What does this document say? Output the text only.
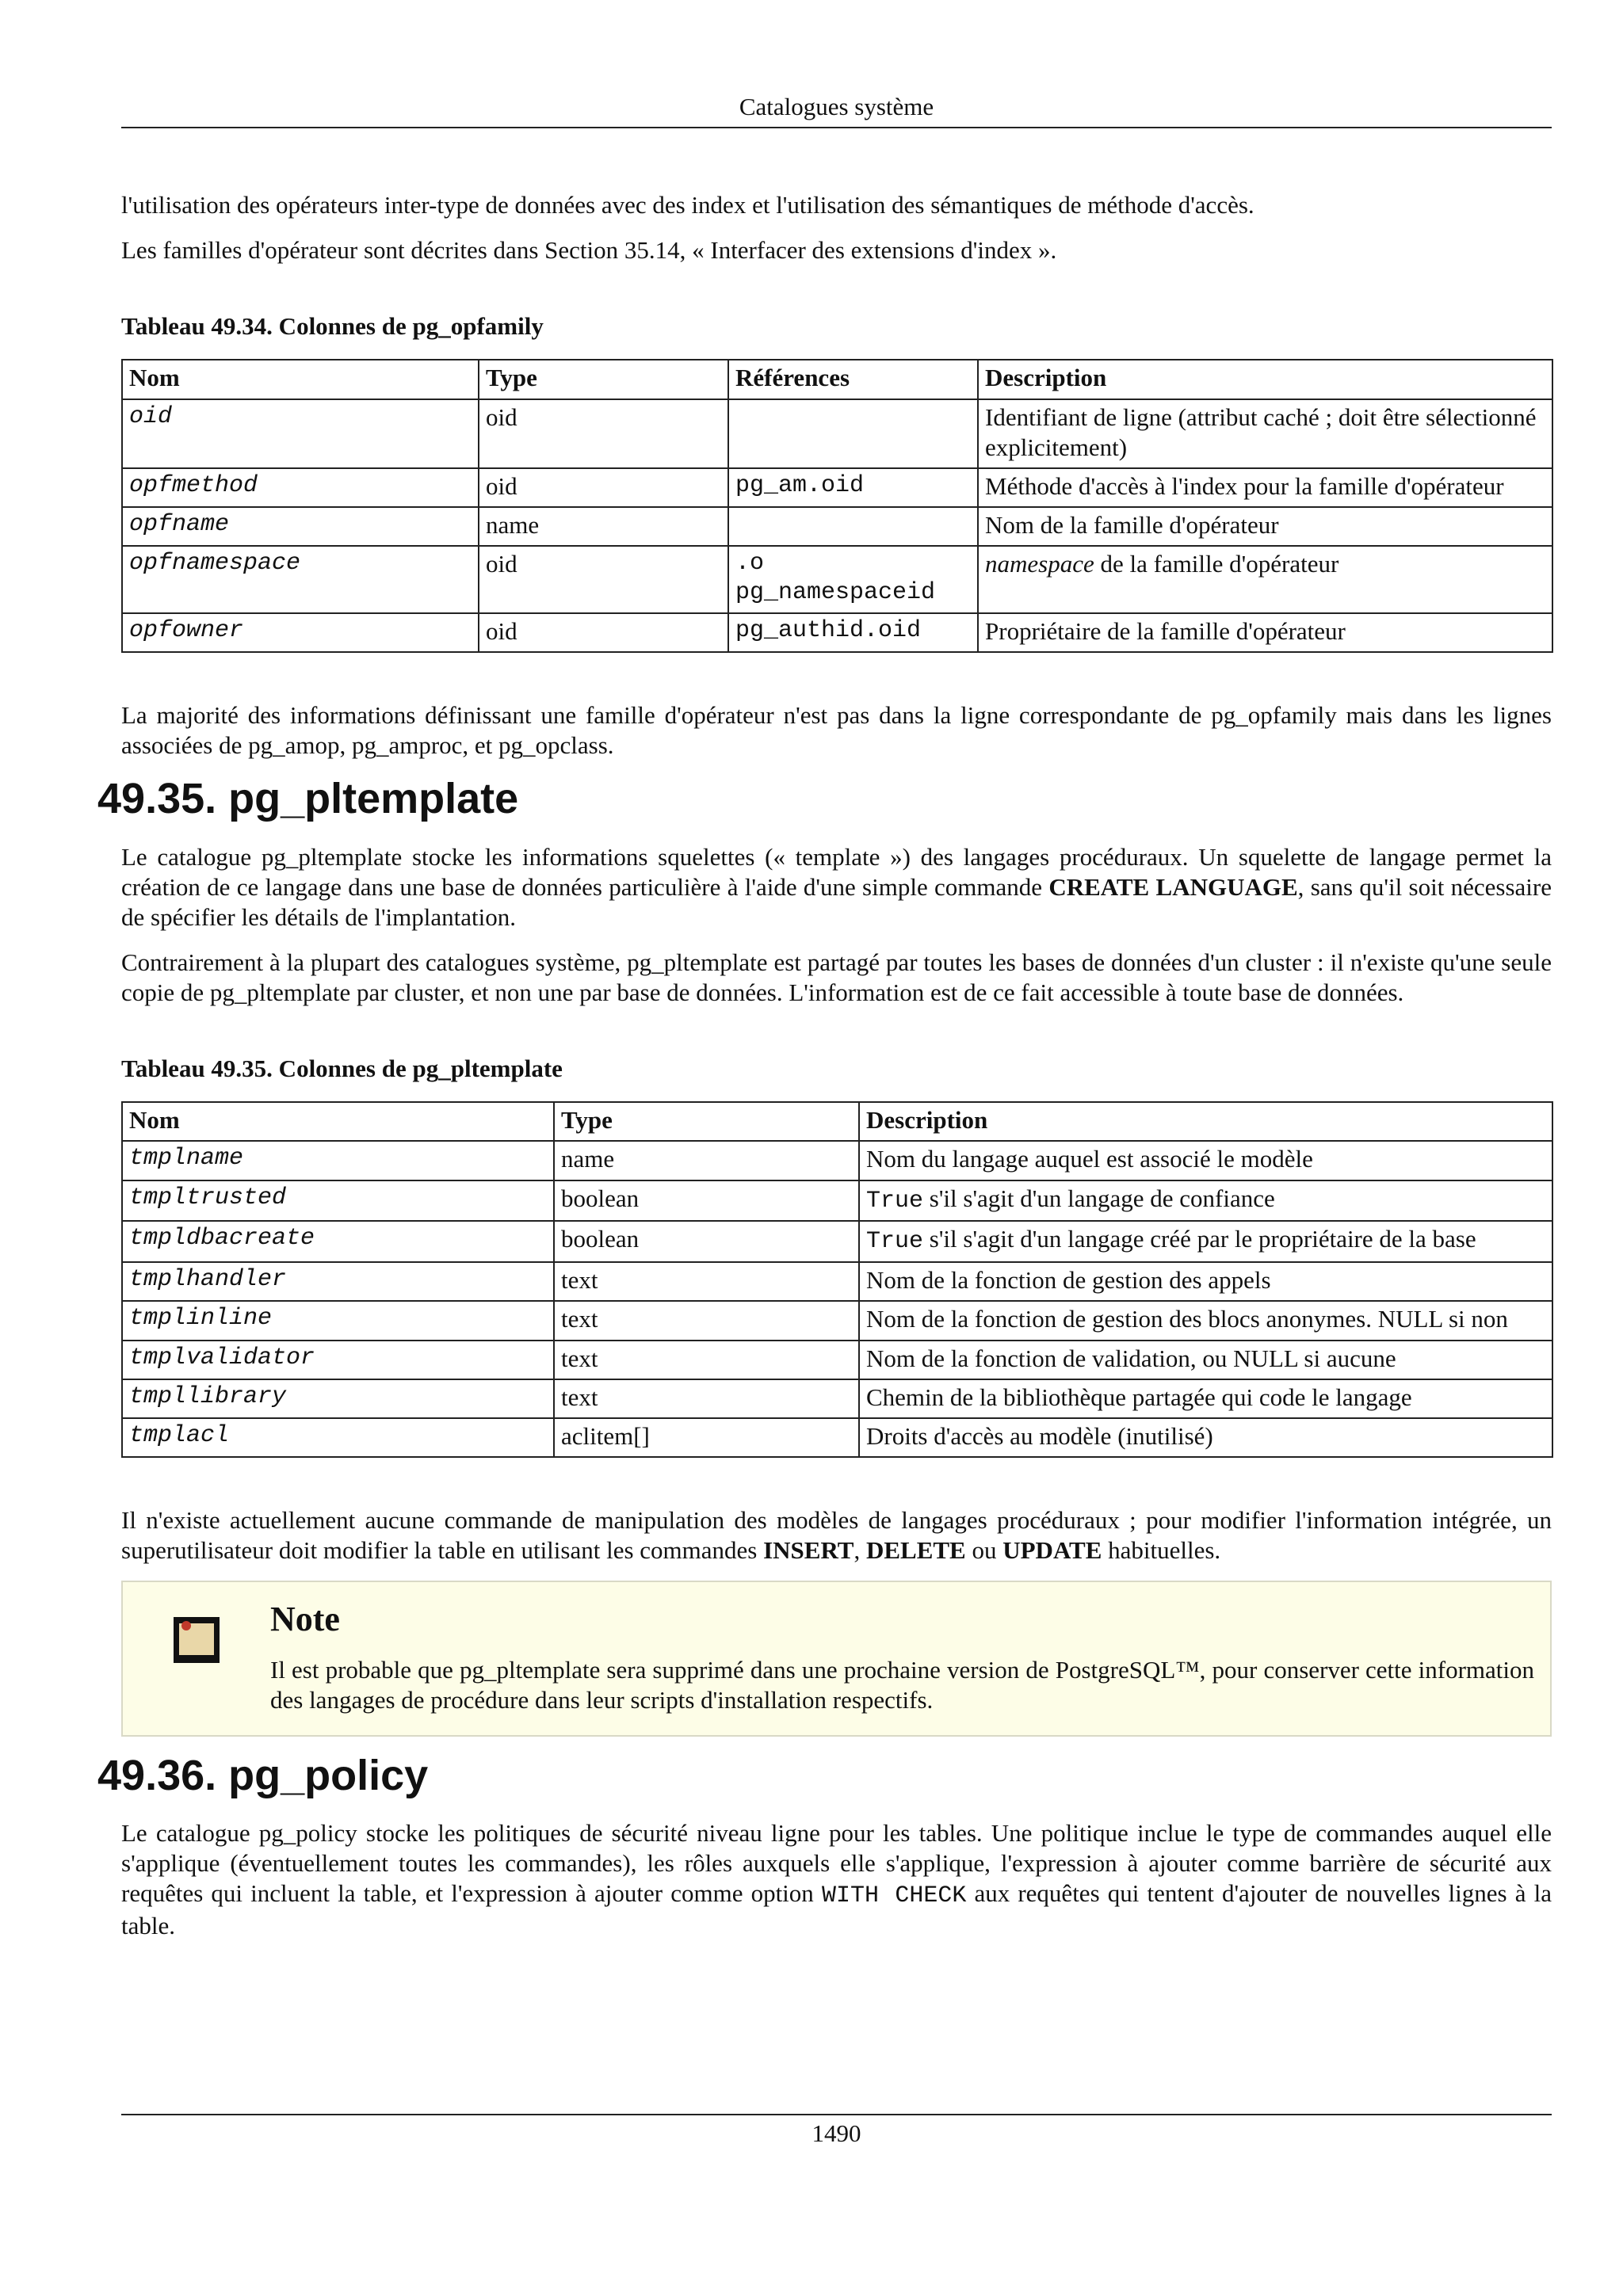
Catalogues système

l'utilisation des opérateurs inter-type de données avec des index et l'utilisation des sémantiques de méthode d'accès.

Les familles d'opérateur sont décrites dans Section 35.14, « Interfacer des extensions d'index ».

Tableau 49.34. Colonnes de pg_opfamily
Nom	Type	Références	Description
oid	oid		Identifiant de ligne (attribut caché ; doit être sélectionné explicitement)
opfmethod	oid	pg_am.oid	Méthode d'accès à l'index pour la famille d'opérateur
opfname	name		Nom de la famille d'opérateur
opfnamespace	oid	.o pg_namespaceid	namespace de la famille d'opérateur
opfowner	oid	pg_authid.oid	Propriétaire de la famille d'opérateur

La majorité des informations définissant une famille d'opérateur n'est pas dans la ligne correspondante de pg_opfamily mais dans les lignes associées de pg_amop, pg_amproc, et pg_opclass.

49.35. pg_pltemplate

Le catalogue pg_pltemplate stocke les informations squelettes (« template ») des langages procéduraux. Un squelette de langage permet la création de ce langage dans une base de données particulière à l'aide d'une simple commande CREATE LANGUAGE, sans qu'il soit nécessaire de spécifier les détails de l'implantation.

Contrairement à la plupart des catalogues système, pg_pltemplate est partagé par toutes les bases de données d'un cluster : il n'existe qu'une seule copie de pg_pltemplate par cluster, et non une par base de données. L'information est de ce fait accessible à toute base de données.

Tableau 49.35. Colonnes de pg_pltemplate
Nom	Type	Description
tmplname	name	Nom du langage auquel est associé le modèle
tmpltrusted	boolean	True s'il s'agit d'un langage de confiance
tmpldbacreate	boolean	True s'il s'agit d'un langage créé par le propriétaire de la base
tmplhandler	text	Nom de la fonction de gestion des appels
tmplinline	text	Nom de la fonction de gestion des blocs anonymes. NULL si non
tmplvalidator	text	Nom de la fonction de validation, ou NULL si aucune
tmpllibrary	text	Chemin de la bibliothèque partagée qui code le langage
tmplacl	aclitem[]	Droits d'accès au modèle (inutilisé)

Il n'existe actuellement aucune commande de manipulation des modèles de langages procéduraux ; pour modifier l'information intégrée, un superutilisateur doit modifier la table en utilisant les commandes INSERT, DELETE ou UPDATE habituelles.

Note

Il est probable que pg_pltemplate sera supprimé dans une prochaine version de PostgreSQL™, pour conserver cette information des langages de procédure dans leur scripts d'installation respectifs.

49.36. pg_policy

Le catalogue pg_policy stocke les politiques de sécurité niveau ligne pour les tables. Une politique inclue le type de commandes auquel elle s'applique (éventuellement toutes les commandes), les rôles auxquels elle s'applique, l'expression à ajouter comme barrière de sécurité aux requêtes qui incluent la table, et l'expression à ajouter comme option WITH CHECK aux requêtes qui tentent d'ajouter de nouvelles lignes à la table.

1490
